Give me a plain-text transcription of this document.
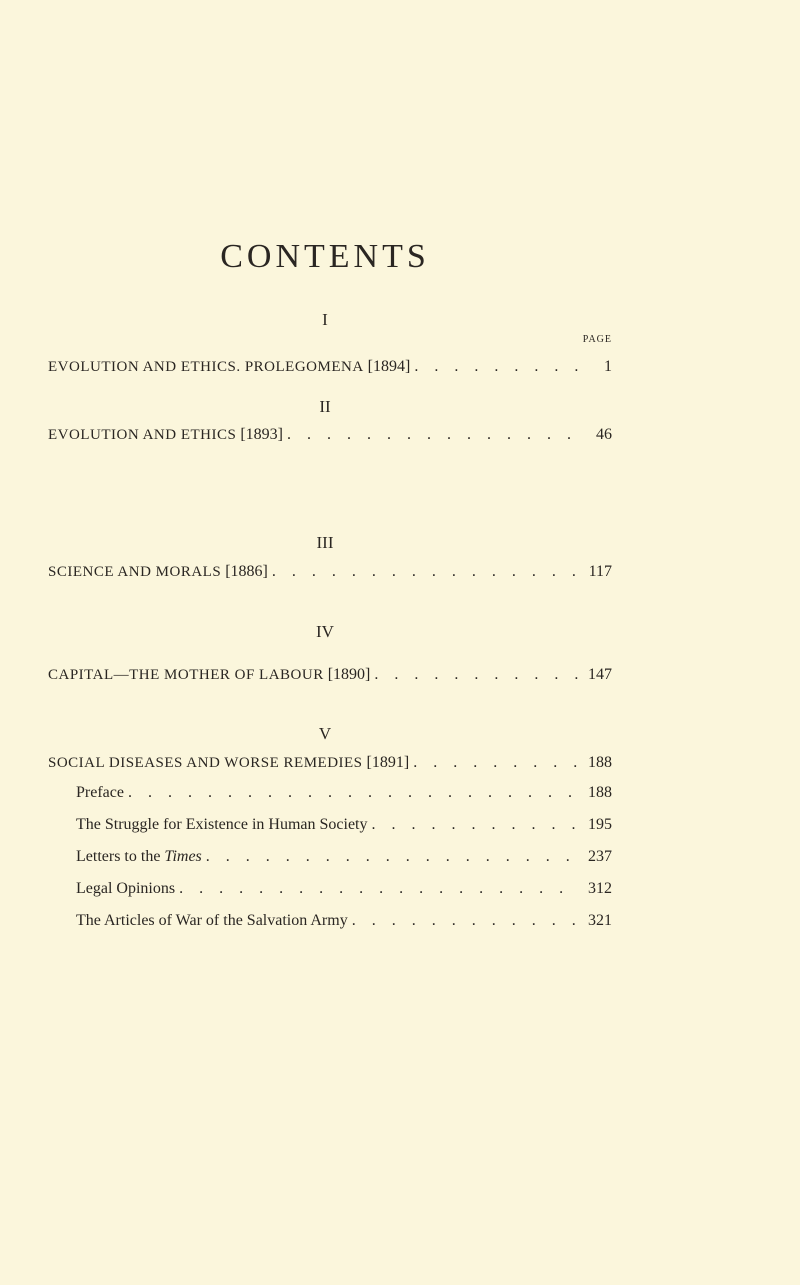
CONTENTS
I
PAGE
EVOLUTION AND ETHICS. PROLEGOMENA [1894] . . .	1
II
EVOLUTION AND ETHICS [1893] . . .	46
III
SCIENCE AND MORALS [1886] . . .	117
IV
CAPITAL—THE MOTHER OF LABOUR [1890] . . .	147
V
SOCIAL DISEASES AND WORSE REMEDIES [1891] . . .	188
Preface . . .	188
The Struggle for Existence in Human Society . . .	195
Letters to the Times . . .	237
Legal Opinions . . .	312
The Articles of War of the Salvation Army . . .	321
